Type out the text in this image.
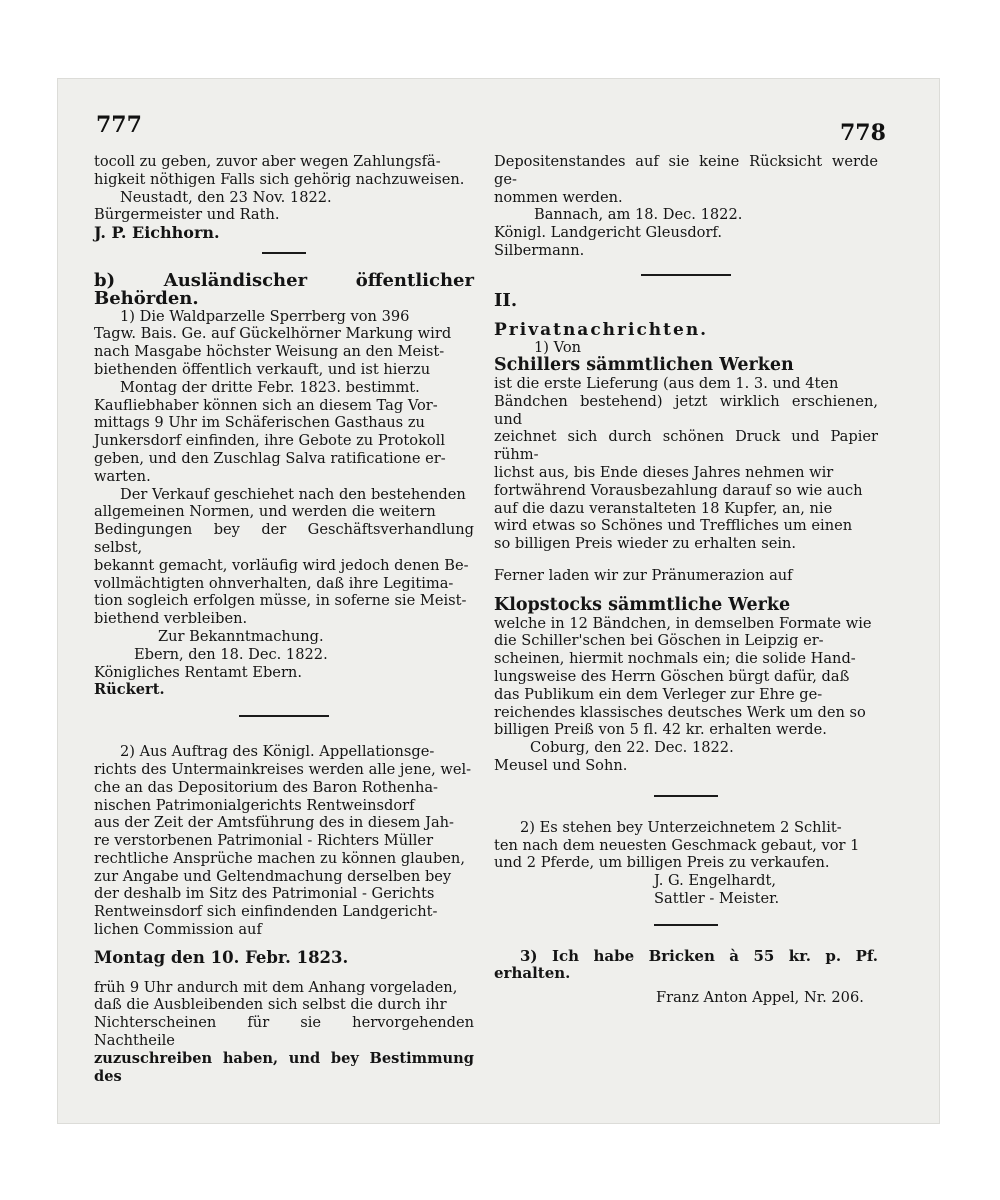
777	778

tocoll zu geben, zuvor aber wegen Zahlungsfä-

higkeit nöthigen Falls sich gehörig nachzuweisen.

Neustadt, den 23 Nov. 1822.

Bürgermeister und Rath.

J. P. Eichhorn.

b) Ausländischer öffentlicher Behörden.

1) Die Waldparzelle Sperrberg von 396

Tagw. Bais. Ge. auf Gückelhörner Markung wird

nach Masgabe höchster Weisung an den Meist-

biethenden öffentlich verkauft, und ist hierzu

Montag der dritte Febr. 1823. bestimmt.

Kaufliebhaber können sich an diesem Tag Vor-

mittags 9 Uhr im Schäferischen Gasthaus zu

Junkersdorf einfinden, ihre Gebote zu Protokoll

geben, und den Zuschlag Salva ratificatione er-

warten.

Der Verkauf geschiehet nach den bestehenden

allgemeinen Normen, und werden die weitern

Bedingungen bey der Geschäftsverhandlung selbst,

bekannt gemacht, vorläufig wird jedoch denen Be-

vollmächtigten ohnverhalten, daß ihre Legitima-

tion sogleich erfolgen müsse, in soferne sie Meist-

biethend verbleiben.

Zur Bekanntmachung.

Ebern, den 18. Dec. 1822.

Königliches Rentamt Ebern.

Rückert.

2) Aus Auftrag des Königl. Appellationsge-

richts des Untermainkreises werden alle jene, wel-

che an das Depositorium des Baron Rothenha-

nischen Patrimonialgerichts Rentweinsdorf

aus der Zeit der Amtsführung des in diesem Jah-

re verstorbenen Patrimonial - Richters Müller

rechtliche Ansprüche machen zu können glauben,

zur Angabe und Geltendmachung derselben bey

der deshalb im Sitz des Patrimonial - Gerichts

Rentweinsdorf sich einfindenden Landgericht-

lichen Commission auf

Montag den 10. Febr. 1823.

früh 9 Uhr andurch mit dem Anhang vorgeladen,

daß die Ausbleibenden sich selbst die durch ihr

Nichterscheinen für sie hervorgehenden Nachtheile

zuzuschreiben haben, und bey Bestimmung des

Depositenstandes auf sie keine Rücksicht werde ge-

nommen werden.

Bannach, am 18. Dec. 1822.

Königl. Landgericht Gleusdorf.

Silbermann.

II.

Privatnachrichten.

1) Von

Schillers sämmtlichen Werken

ist die erste Lieferung (aus dem 1. 3. und 4ten

Bändchen bestehend) jetzt wirklich erschienen, und

zeichnet sich durch schönen Druck und Papier rühm-

lichst aus, bis Ende dieses Jahres nehmen wir

fortwährend Vorausbezahlung darauf so wie auch

auf die dazu veranstalteten 18 Kupfer, an, nie

wird etwas so Schönes und Treffliches um einen

so billigen Preis wieder zu erhalten sein.

Ferner laden wir zur Pränumerazion auf

Klopstocks sämmtliche Werke

welche in 12 Bändchen, in demselben Formate wie

die Schiller'schen bei Göschen in Leipzig er-

scheinen, hiermit nochmals ein; die solide Hand-

lungsweise des Herrn Göschen bürgt dafür, daß

das Publikum ein dem Verleger zur Ehre ge-

reichendes klassisches deutsches Werk um den so

billigen Preiß von 5 fl. 42 kr. erhalten werde.

Coburg, den 22. Dec. 1822.

Meusel und Sohn.

2) Es stehen bey Unterzeichnetem 2 Schlit-

ten nach dem neuesten Geschmack gebaut, vor 1

und 2 Pferde, um billigen Preis zu verkaufen.

J. G. Engelhardt,

Sattler - Meister.

3) Ich habe Bricken à 55 kr. p. Pf. erhalten.

Franz Anton Appel, Nr. 206.
